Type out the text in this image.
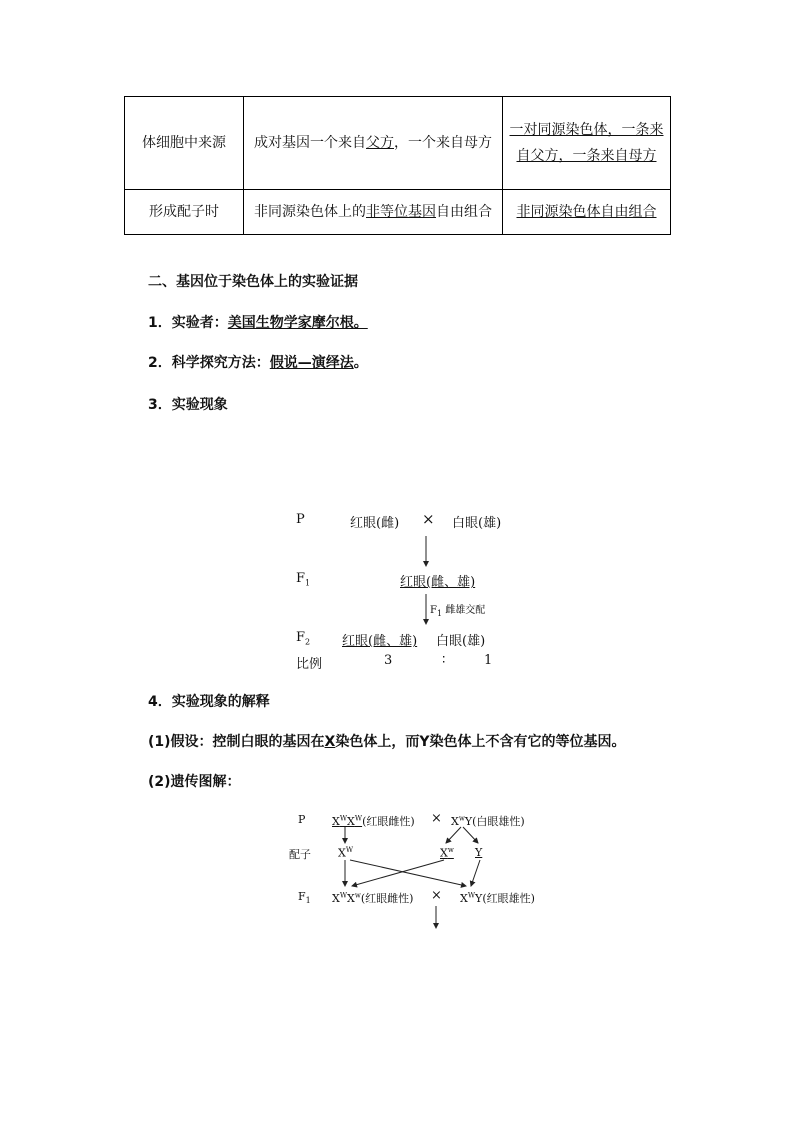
体细胞中来源	成对基因一个来自父方，一个来自母方	一对同源染色体，一条来自父方，一条来自母方
形成配子时	非同源染色体上的非等位基因自由组合	非同源染色体自由组合
二、基因位于染色体上的实验证据
1．实验者：美国生物学家摩尔根。
2．科学探究方法：假说—演绎法。
3．实验现象
P	红眼(雌) × 白眼(雄)
$F_1$	红眼(雌、雄)
$F_1$ 雌雄交配
$F_2$ 红眼(雌、雄) 白眼(雄)
比例	3	∶	1
4．实验现象的解释
(1)假设：控制白眼的基因在X染色体上，而Y染色体上不含有它的等位基因。
(2)遗传图解：
P $X^WX^W$(红眼雌性) × $X^wY$(白眼雄性)
配子 $X^W$	$X^w$ Y
$F_1$ $X^WX^w$(红眼雌性) × $X^WY$(红眼雄性)
